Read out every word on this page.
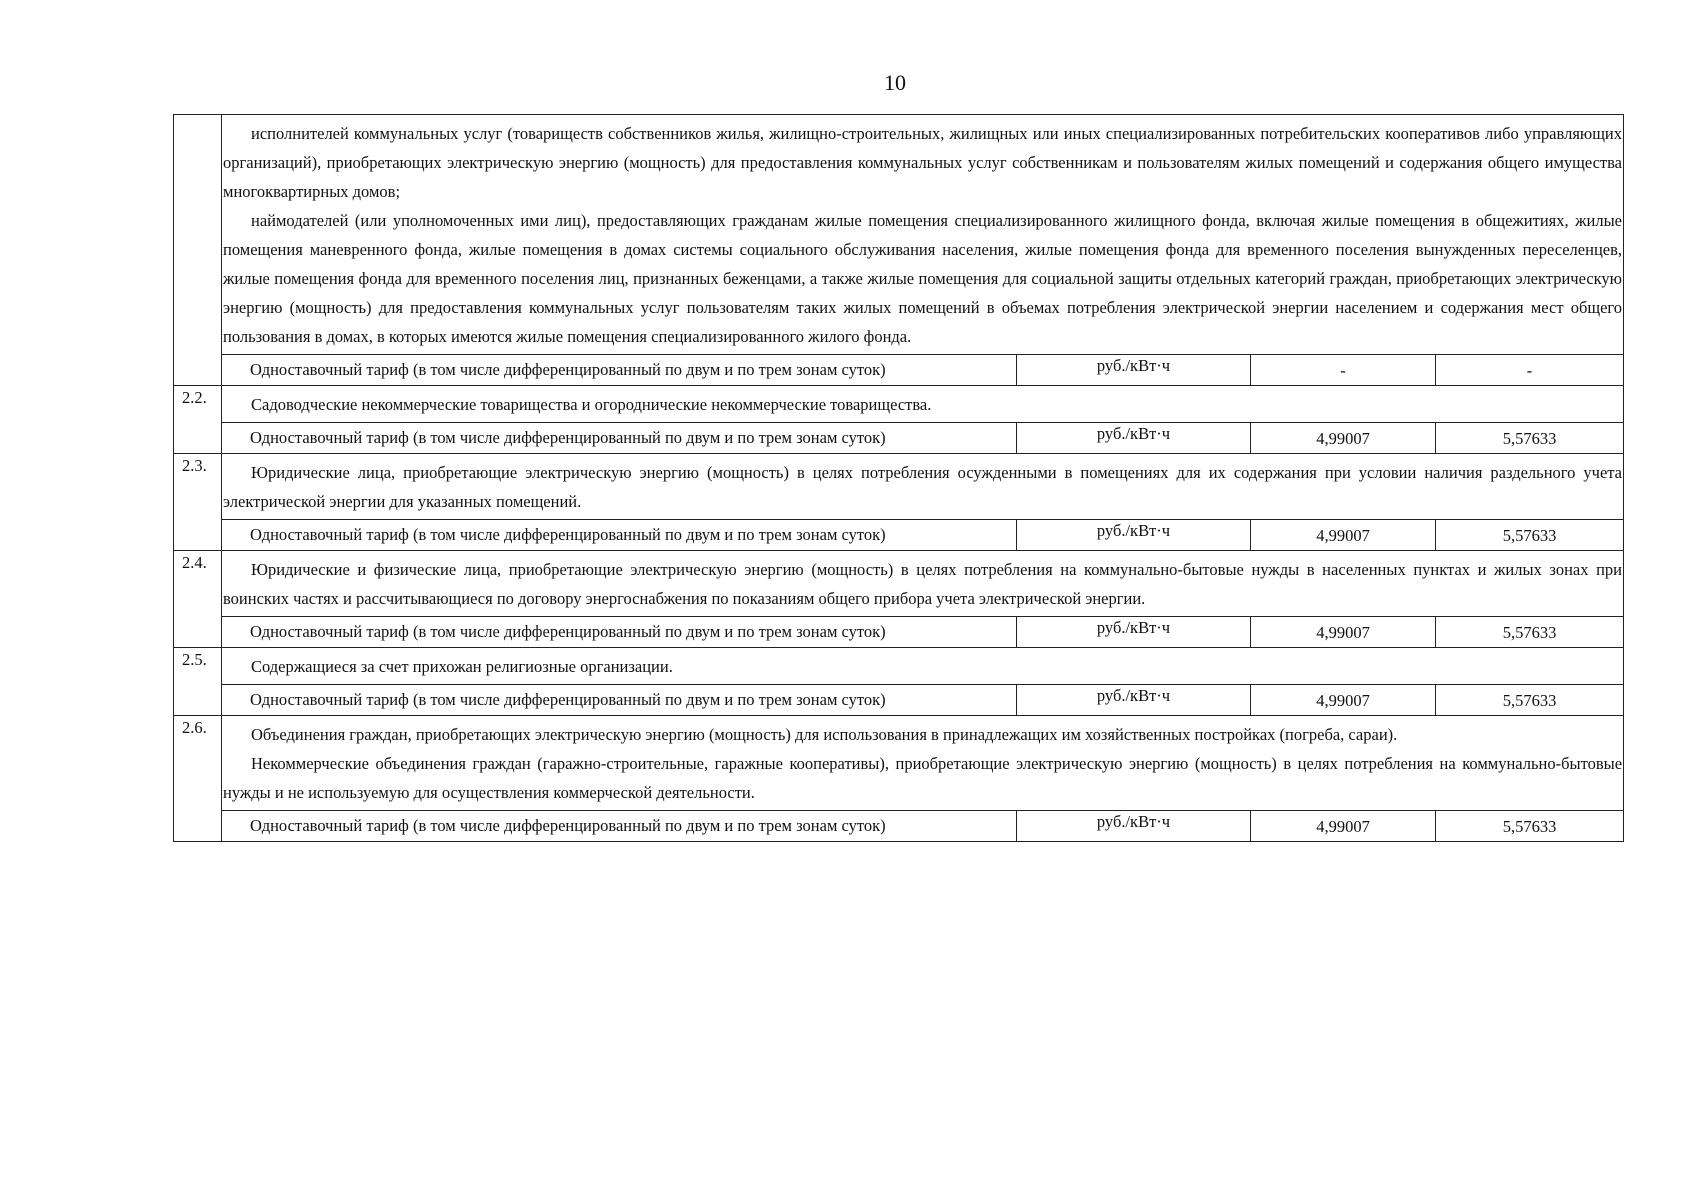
10

	исполнителей коммунальных услуг (товариществ собственников жилья, жилищно-строительных, жилищных или иных специализированных потребительских кооперативов либо управляющих организаций), приобретающих электрическую энергию (мощность) для предоставления коммунальных услуг собственникам и пользователям жилых помещений и содержания общего имущества многоквартирных домов;

наймодателей (или уполномоченных ими лиц), предоставляющих гражданам жилые помещения специализированного жилищного фонда, включая жилые помещения в общежитиях, жилые помещения маневренного фонда, жилые помещения в домах системы социального обслуживания населения, жилые помещения фонда для временного поселения вынужденных переселенцев, жилые помещения фонда для временного поселения лиц, признанных беженцами, а также жилые помещения для социальной защиты отдельных категорий граждан, приобретающих электрическую энергию (мощность) для предоставления коммунальных услуг пользователям таких жилых помещений в объемах потребления электрической энергии населением и содержания мест общего пользования в домах, в которых имеются жилые помещения специализированного жилого фонда.			

	Одноставочный тариф (в том числе дифференцированный по двум и по трем зонам суток)	руб./кВт·ч	-	-
2.2.	Садоводческие некоммерческие товарищества и огороднические некоммерческие товарищества.			

	Одноставочный тариф (в том числе дифференцированный по двум и по трем зонам суток)	руб./кВт·ч	4,99007	5,57633
2.3.	Юридические лица, приобретающие электрическую энергию (мощность) в целях потребления осужденными в помещениях для их содержания при условии наличия раздельного учета электрической энергии для указанных помещений.			

	Одноставочный тариф (в том числе дифференцированный по двум и по трем зонам суток)	руб./кВт·ч	4,99007	5,57633
2.4.	Юридические и физические лица, приобретающие электрическую энергию (мощность) в целях потребления на коммунально-бытовые нужды в населенных пунктах и жилых зонах при воинских частях и рассчитывающиеся по договору энергоснабжения по показаниям общего прибора учета электрической энергии.			

	Одноставочный тариф (в том числе дифференцированный по двум и по трем зонам суток)	руб./кВт·ч	4,99007	5,57633
2.5.	Содержащиеся за счет прихожан религиозные организации.			

	Одноставочный тариф (в том числе дифференцированный по двум и по трем зонам суток)	руб./кВт·ч	4,99007	5,57633
2.6.	Объединения граждан, приобретающих электрическую энергию (мощность) для использования в принадлежащих им хозяйственных постройках (погреба, сараи).

Некоммерческие объединения граждан (гаражно-строительные, гаражные кооперативы), приобретающие электрическую энергию (мощность) в целях потребления на коммунально-бытовые нужды и не используемую для осуществления коммерческой деятельности.			

	Одноставочный тариф (в том числе дифференцированный по двум и по трем зонам суток)	руб./кВт·ч	4,99007	5,57633
